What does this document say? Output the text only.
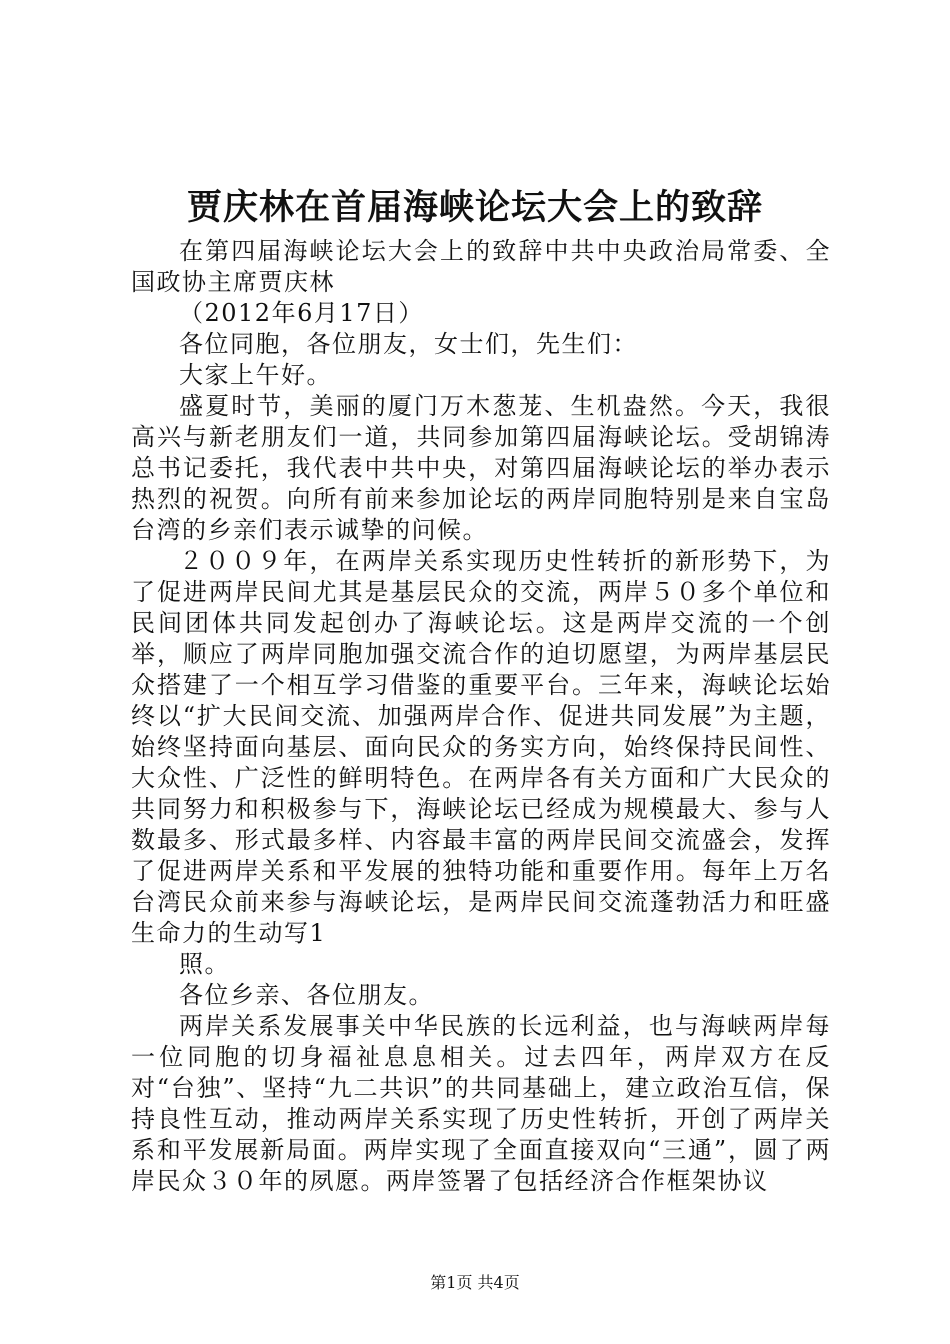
贾庆林在首届海峡论坛大会上的致辞

在第四届海峡论坛大会上的致辞中共中央政治局常委、全国政协主席贾庆林

（2012年6月17日）

各位同胞，各位朋友，女士们，先生们：

大家上午好。

盛夏时节，美丽的厦门万木葱茏、生机盎然。今天，我很高兴与新老朋友们一道，共同参加第四届海峡论坛。受胡锦涛总书记委托，我代表中共中央，对第四届海峡论坛的举办表示热烈的祝贺。向所有前来参加论坛的两岸同胞特别是来自宝岛台湾的乡亲们表示诚挚的问候。

２００９年，在两岸关系实现历史性转折的新形势下，为了促进两岸民间尤其是基层民众的交流，两岸５０多个单位和民间团体共同发起创办了海峡论坛。这是两岸交流的一个创举，顺应了两岸同胞加强交流合作的迫切愿望，为两岸基层民众搭建了一个相互学习借鉴的重要平台。三年来，海峡论坛始终以“扩大民间交流、加强两岸合作、促进共同发展”为主题，始终坚持面向基层、面向民众的务实方向，始终保持民间性、大众性、广泛性的鲜明特色。在两岸各有关方面和广大民众的共同努力和积极参与下，海峡论坛已经成为规模最大、参与人数最多、形式最多样、内容最丰富的两岸民间交流盛会，发挥了促进两岸关系和平发展的独特功能和重要作用。每年上万名台湾民众前来参与海峡论坛，是两岸民间交流蓬勃活力和旺盛生命力的生动写1

照。

各位乡亲、各位朋友。

两岸关系发展事关中华民族的长远利益，也与海峡两岸每一位同胞的切身福祉息息相关。过去四年，两岸双方在反对“台独”、坚持“九二共识”的共同基础上，建立政治互信，保持良性互动，推动两岸关系实现了历史性转折，开创了两岸关系和平发展新局面。两岸实现了全面直接双向“三通”，圆了两岸民众３０年的夙愿。两岸签署了包括经济合作框架协议

第1页 共4页
